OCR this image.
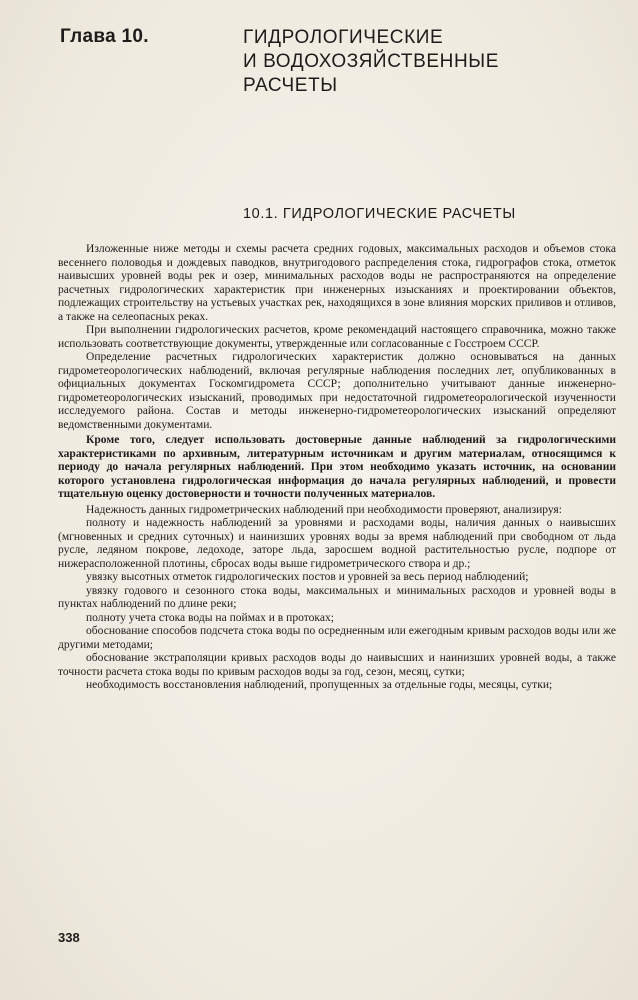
Глава 10.	ГИДРОЛОГИЧЕСКИЕ
И ВОДОХОЗЯЙСТВЕННЫЕ
РАСЧЕТЫ
10.1. ГИДРОЛОГИЧЕСКИЕ РАСЧЕТЫ

Изложенные ниже методы и схемы расчета средних годовых, максимальных расходов и объемов стока весеннего половодья и дождевых паводков, внутригодового распределения стока, гидрографов стока, отметок наивысших уровней воды рек и озер, минимальных расходов воды не распространяются на определение расчетных гидрологических характеристик при инженерных изысканиях и проектировании объектов, подлежащих строительству на устьевых участках рек, находящихся в зоне влияния морских приливов и отливов, а также на селеопасных реках.

При выполнении гидрологических расчетов, кроме рекомендаций настоящего справочника, можно также использовать соответствующие документы, утвержденные или согласованные с Госстроем СССР.

Определение расчетных гидрологических характеристик должно основываться на данных гидрометеорологических наблюдений, включая регулярные наблюдения последних лет, опубликованных в официальных документах Госкомгидромета СССР; дополнительно учитывают данные инженерно-гидрометеорологических изысканий, проводимых при недостаточной гидрометеорологической изученности исследуемого района. Состав и методы инженерно-гидрометеорологических изысканий определяют ведомственными документами.

Кроме того, следует использовать достоверные данные наблюдений за гидрологическими характеристиками по архивным, литературным источникам и другим материалам, относящимся к периоду до начала регулярных наблюдений. При этом необходимо указать источник, на основании которого установлена гидрологическая информация до начала регулярных наблюдений, и провести тщательную оценку достоверности и точности полученных материалов.

Надежность данных гидрометрических наблюдений при необходимости проверяют, анализируя:

полноту и надежность наблюдений за уровнями и расходами воды, наличия данных о наивысших (мгновенных и средних суточных) и наинизших уровнях воды за время наблюдений при свободном от льда русле, ледяном покрове, ледоходе, заторе льда, заросшем водной растительностью русле, подпоре от нижерасположенной плотины, сбросах воды выше гидрометрического створа и др.;

увязку высотных отметок гидрологических постов и уровней за весь период наблюдений;

увязку годового и сезонного стока воды, максимальных и минимальных расходов и уровней воды в пунктах наблюдений по длине реки;

полноту учета стока воды на поймах и в протоках;

обоснование способов подсчета стока воды по осредненным или ежегодным кривым расходов воды или же другими методами;

обоснование экстраполяции кривых расходов воды до наивысших и наинизших уровней воды, а также точности расчета стока воды по кривым расходов воды за год, сезон, месяц, сутки;

необходимость восстановления наблюдений, пропущенных за отдельные годы, месяцы, сутки;

338
